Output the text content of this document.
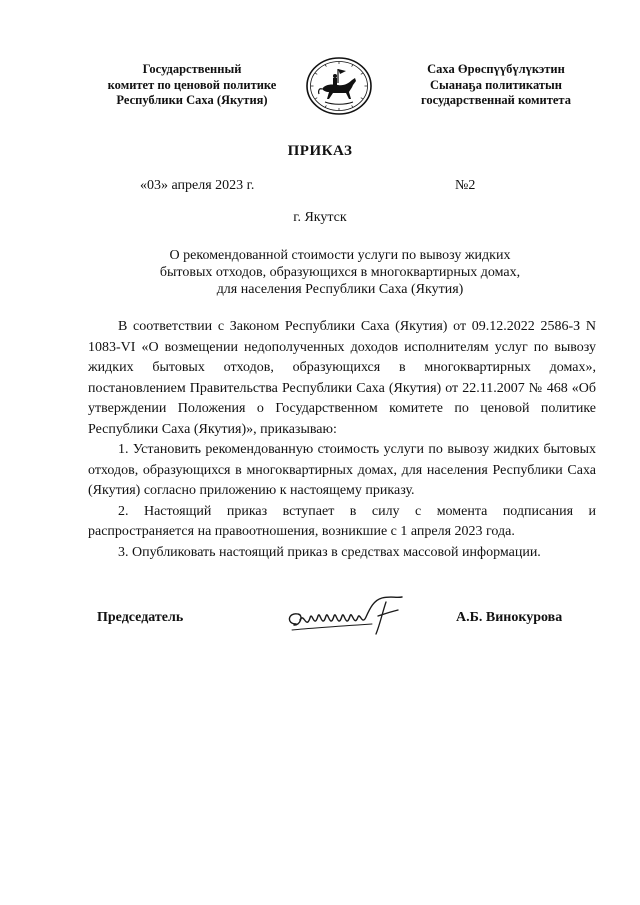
Государственный
комитет по ценовой политике
Республики Саха (Якутия)
Саха Өрөспүүбүлүкэтин
Сыанаҕа политикатын
государственнай комитета
ПРИКАЗ
«03» апреля 2023 г.	№2
г. Якутск
О рекомендованной стоимости услуги по вывозу жидких
бытовых отходов, образующихся в многоквартирных домах,
для населения Республики Саха (Якутия)

В соответствии с Законом Республики Саха (Якутия) от 09.12.2022 2586-З N 1083-VI «О возмещении недополученных доходов исполнителям услуг по вывозу жидких бытовых отходов, образующихся в многоквартирных домах», постановлением Правительства Республики Саха (Якутия) от 22.11.2007 № 468 «Об утверждении Положения о Государственном комитете по ценовой политике Республики Саха (Якутия)», приказываю:

1. Установить рекомендованную стоимость услуги по вывозу жидких бытовых отходов, образующихся в многоквартирных домах, для населения Республики Саха (Якутия) согласно приложению к настоящему приказу.

2. Настоящий приказ вступает в силу с момента подписания и распространяется на правоотношения, возникшие с 1 апреля 2023 года.

3. Опубликовать настоящий приказ в средствах массовой информации.

Председатель	А.Б. Винокурова
